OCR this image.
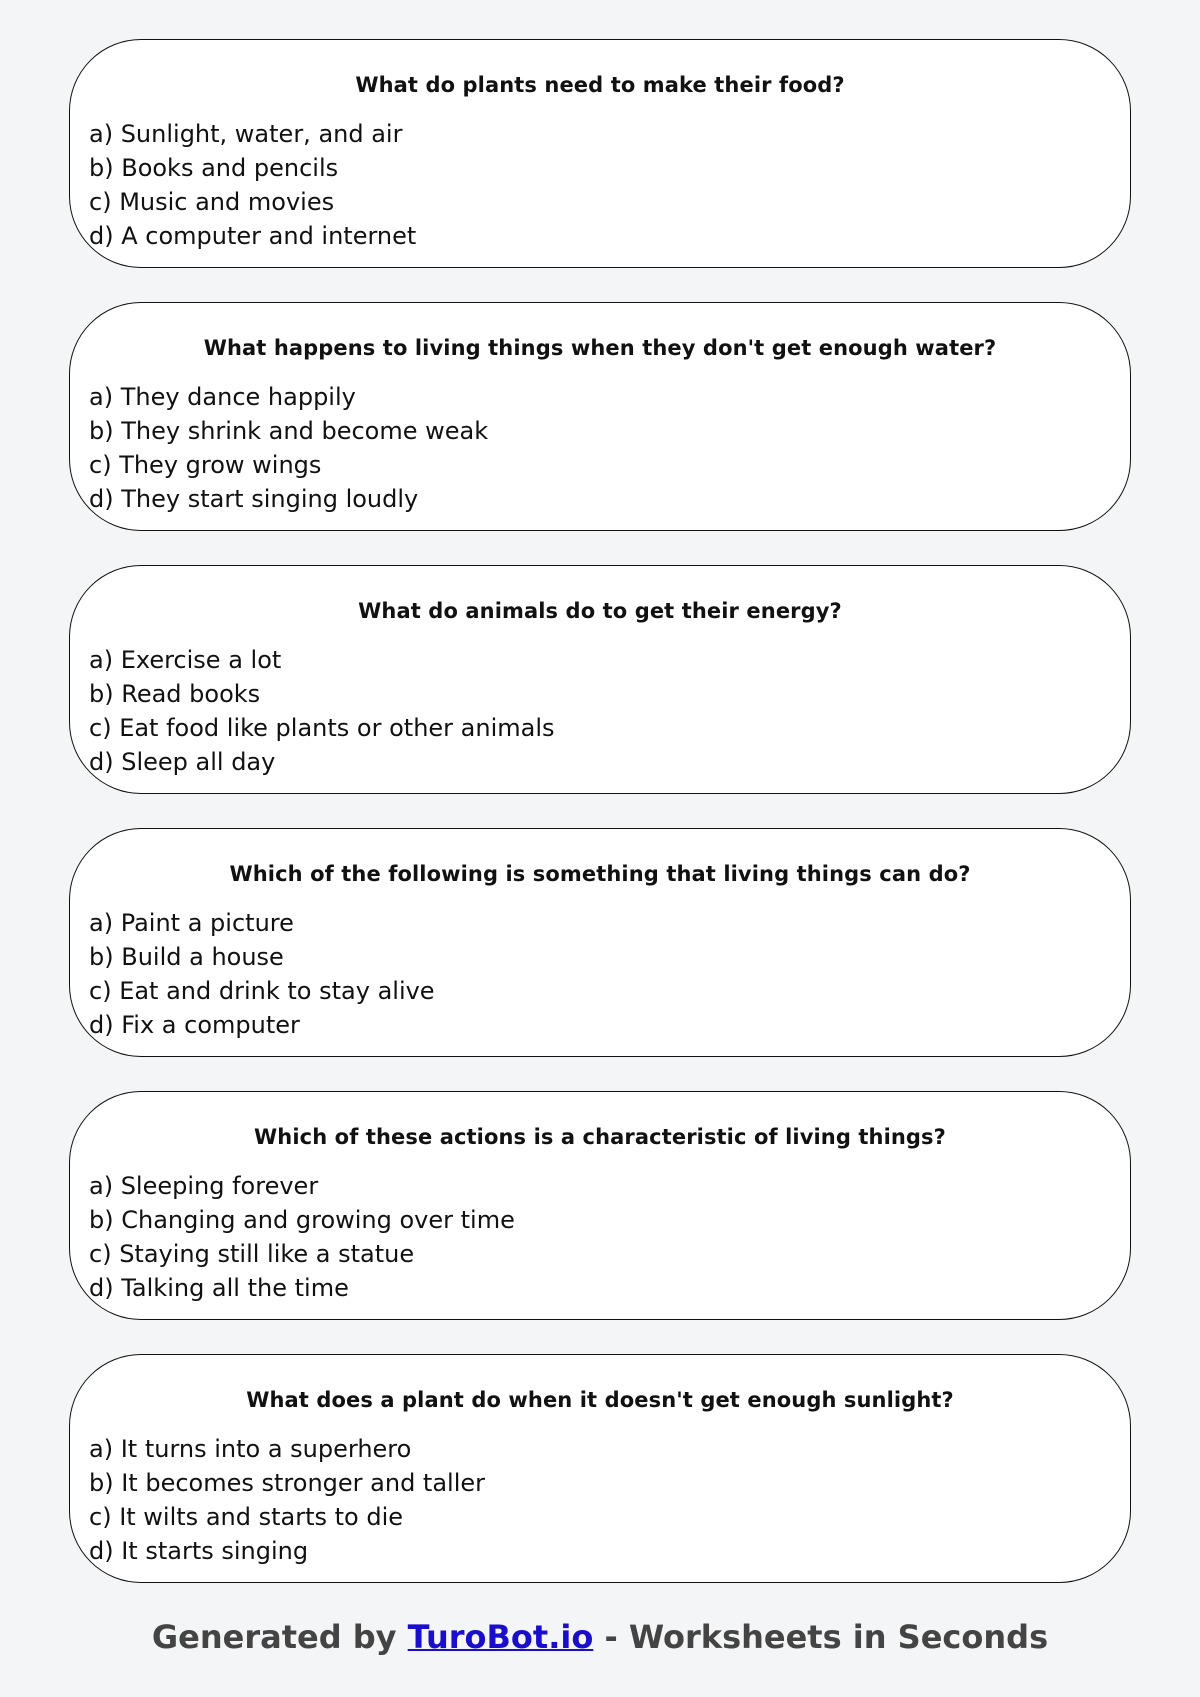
What do plants need to make their food?
a) Sunlight, water, and air
b) Books and pencils
c) Music and movies
d) A computer and internet
What happens to living things when they don't get enough water?
a) They dance happily
b) They shrink and become weak
c) They grow wings
d) They start singing loudly
What do animals do to get their energy?
a) Exercise a lot
b) Read books
c) Eat food like plants or other animals
d) Sleep all day
Which of the following is something that living things can do?
a) Paint a picture
b) Build a house
c) Eat and drink to stay alive
d) Fix a computer
Which of these actions is a characteristic of living things?
a) Sleeping forever
b) Changing and growing over time
c) Staying still like a statue
d) Talking all the time
What does a plant do when it doesn't get enough sunlight?
a) It turns into a superhero
b) It becomes stronger and taller
c) It wilts and starts to die
d) It starts singing
Generated by TuroBot.io - Worksheets in Seconds
